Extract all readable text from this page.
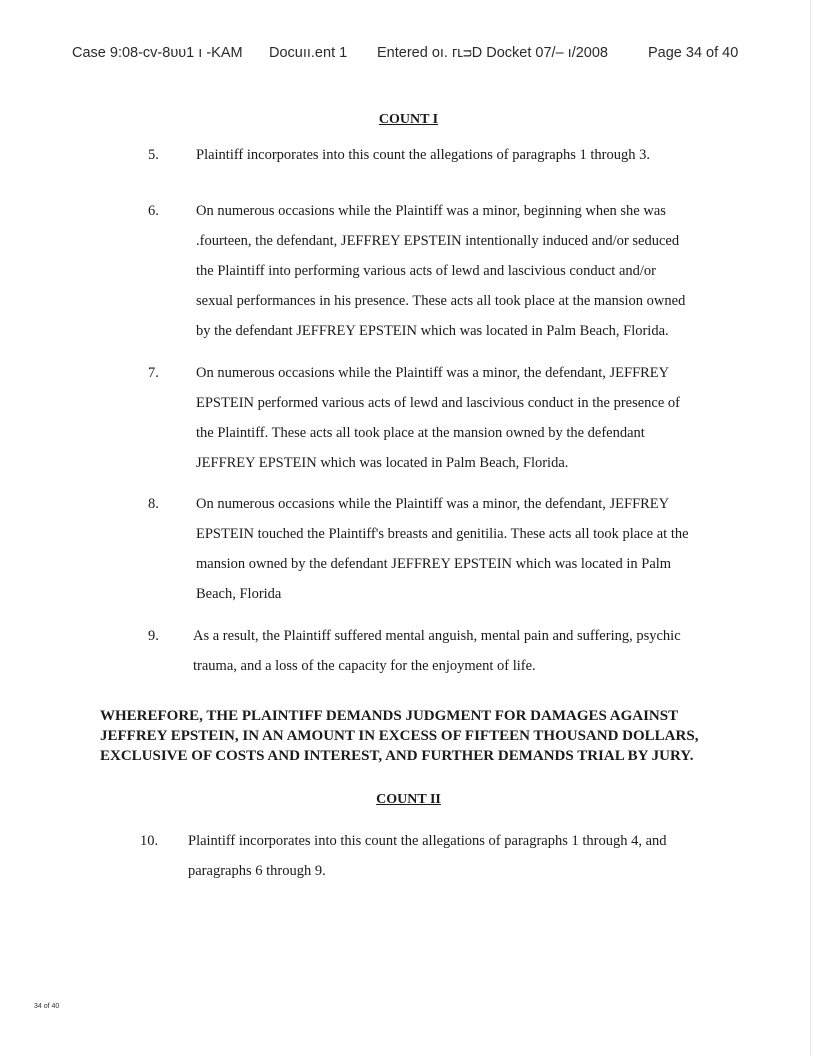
Case 9:08-cv-8ᴜᴜ1 ı -KAM Docuıı.ent 1 Entered oı. гʟᴝD Docket 07/– ı/2008	Page 34 of 40
COUNT I
5.	Plaintiff incorporates into this count the allegations of paragraphs 1 through 3.
6.	On numerous occasions while the Plaintiff was a minor, beginning when she was
.fourteen, the defendant, JEFFREY EPSTEIN intentionally induced and/or seduced
the Plaintiff into performing various acts of lewd and lascivious conduct and/or
sexual performances in his presence. These acts all took place at the mansion owned
by the defendant JEFFREY EPSTEIN which was located in Palm Beach, Florida.
7.	On numerous occasions while the Plaintiff was a minor, the defendant, JEFFREY
EPSTEIN performed various acts of lewd and lascivious conduct in the presence of
the Plaintiff. These acts all took place at the mansion owned by the defendant
JEFFREY EPSTEIN which was located in Palm Beach, Florida.
8.	On numerous occasions while the Plaintiff was a minor, the defendant, JEFFREY
EPSTEIN touched the Plaintiff's breasts and genitilia. These acts all took place at the
mansion owned by the defendant JEFFREY EPSTEIN which was located in Palm
Beach, Florida
9. As a result, the Plaintiff suffered mental anguish, mental pain and suffering, psychic
trauma, and a loss of the capacity for the enjoyment of life.
WHEREFORE, THE PLAINTIFF DEMANDS JUDGMENT FOR DAMAGES AGAINST
JEFFREY EPSTEIN, IN AN AMOUNT IN EXCESS OF FIFTEEN THOUSAND DOLLARS,
EXCLUSIVE OF COSTS AND INTEREST, AND FURTHER DEMANDS TRIAL BY JURY.
COUNT II
10. Plaintiff incorporates into this count the allegations of paragraphs 1 through 4, and
paragraphs 6 through 9.
34 of 40
